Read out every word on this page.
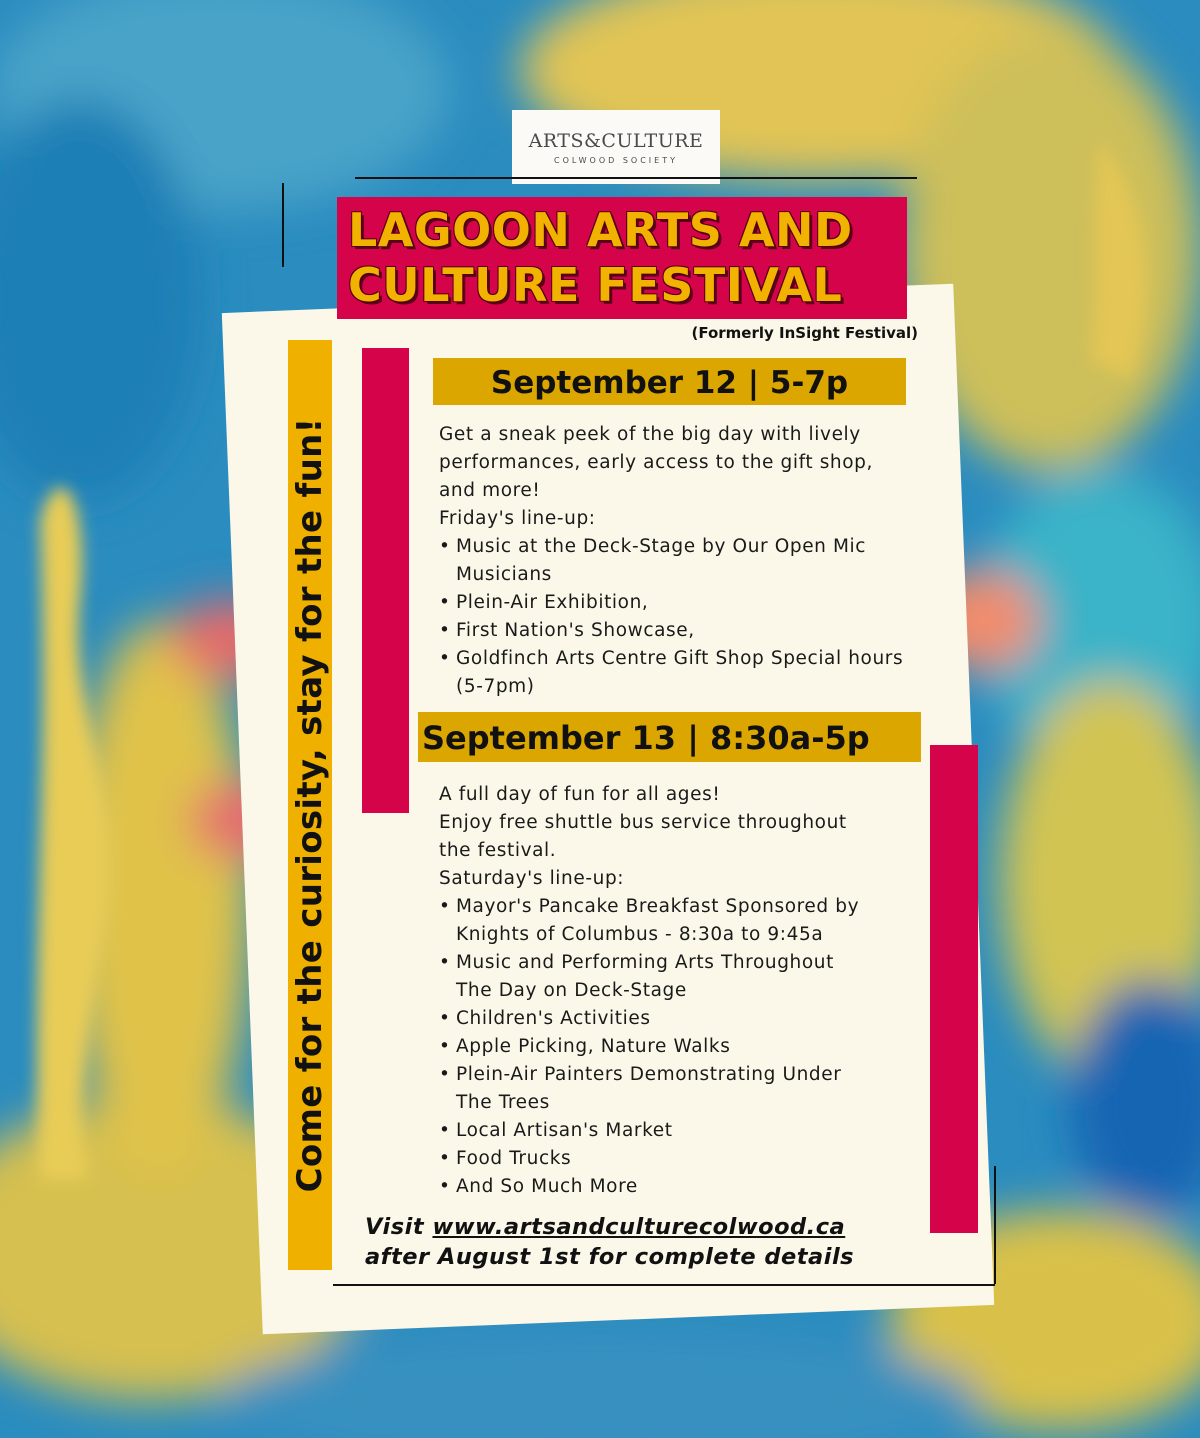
ARTS&CULTURE
COLWOOD SOCIETY
LAGOON ARTS AND
CULTURE FESTIVAL
(Formerly InSight Festival)
Come for the curiosity, stay for the fun!
September 12 | 5-7p

Get a sneak peek of the big day with lively

performances, early access to the gift shop,

and more!

Friday's line-up:

• Music at the Deck-Stage by Our Open Mic
Musicians
• Plein-Air Exhibition,
• First Nation's Showcase,
• Goldfinch Arts Centre Gift Shop Special hours
(5-7pm)
September 13 | 8:30a-5p

A full day of fun for all ages!

Enjoy free shuttle bus service throughout

the festival.

Saturday's line-up:

• Mayor's Pancake Breakfast Sponsored by
Knights of Columbus - 8:30a to 9:45a
• Music and Performing Arts Throughout
The Day on Deck-Stage
• Children's Activities
• Apple Picking, Nature Walks
• Plein-Air Painters Demonstrating Under
The Trees
• Local Artisan's Market
• Food Trucks
• And So Much More
Visit www.artsandculturecolwood.ca
after August 1st for complete details
